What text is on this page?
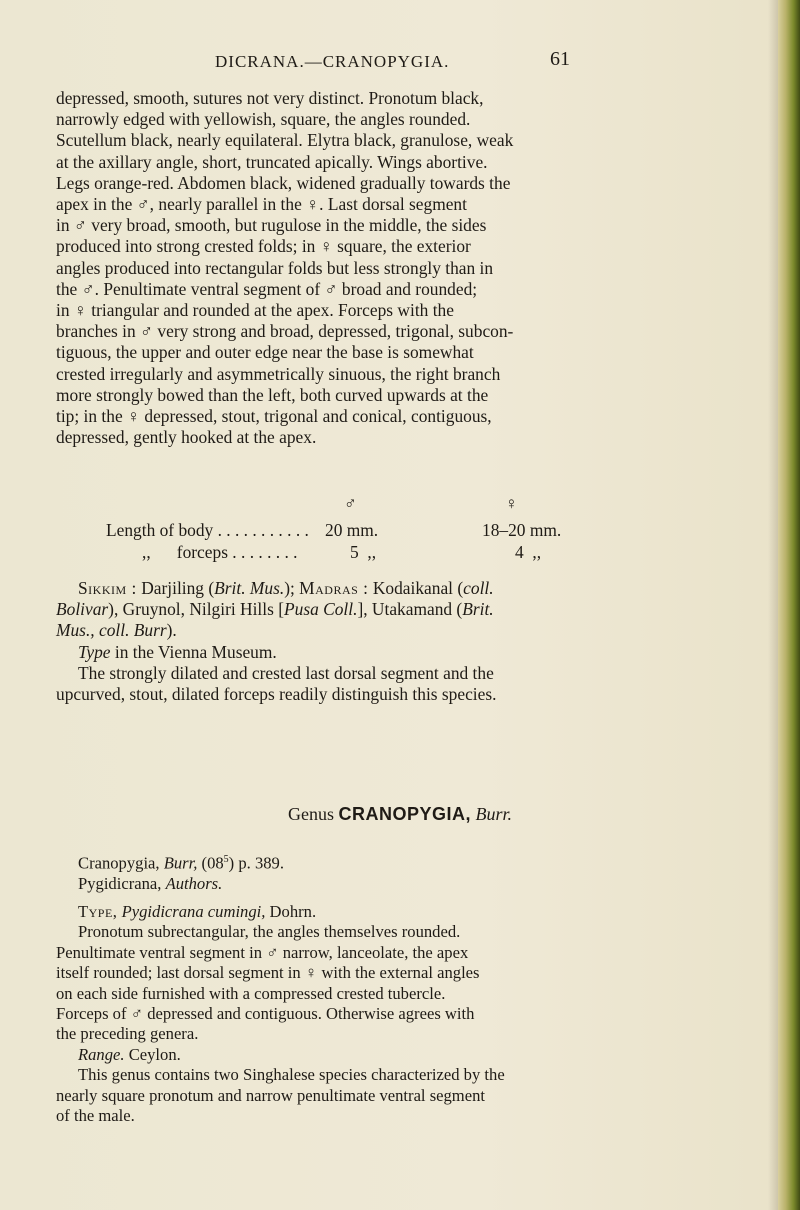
DICRANA.—CRANOPYGIA.	61

depressed, smooth, sutures not very distinct. Pronotum black,

narrowly edged with yellowish, square, the angles rounded.

Scutellum black, nearly equilateral. Elytra black, granulose, weak

at the axillary angle, short, truncated apically. Wings abortive.

Legs orange-red. Abdomen black, widened gradually towards the

apex in the ♂, nearly parallel in the ♀. Last dorsal segment

in ♂ very broad, smooth, but rugulose in the middle, the sides

produced into strong crested folds; in ♀ square, the exterior

angles produced into rectangular folds but less strongly than in

the ♂. Penultimate ventral segment of ♂ broad and rounded;

in ♀ triangular and rounded at the apex. Forceps with the

branches in ♂ very strong and broad, depressed, trigonal, subcon-

tiguous, the upper and outer edge near the base is somewhat

crested irregularly and asymmetrically sinuous, the right branch

more strongly bowed than the left, both curved upwards at the

tip; in the ♀ depressed, stout, trigonal and conical, contiguous,

depressed, gently hooked at the apex.

♂	♀
Length of body . . . . . . . . . . . 20 mm.	18–20 mm.
,,      forceps . . . . . . . .	5  ,,	4  ,,

Sikkim : Darjiling (Brit. Mus.); Madras : Kodaikanal (coll.

Bolivar), Gruynol, Nilgiri Hills [Pusa Coll.], Utakamand (Brit.

Mus., coll. Burr).

Type in the Vienna Museum.

The strongly dilated and crested last dorsal segment and the

upcurved, stout, dilated forceps readily distinguish this species.

Genus CRANOPYGIA, Burr.

Cranopygia, Burr, $(08^5)$ p. 389.

Pygidicrana, Authors.

Type, Pygidicrana cumingi, Dohrn.

Pronotum subrectangular, the angles themselves rounded.

Penultimate ventral segment in ♂ narrow, lanceolate, the apex

itself rounded; last dorsal segment in ♀ with the external angles

on each side furnished with a compressed crested tubercle.

Forceps of ♂ depressed and contiguous. Otherwise agrees with

the preceding genera.

Range. Ceylon.

This genus contains two Singhalese species characterized by the

nearly square pronotum and narrow penultimate ventral segment

of the male.
